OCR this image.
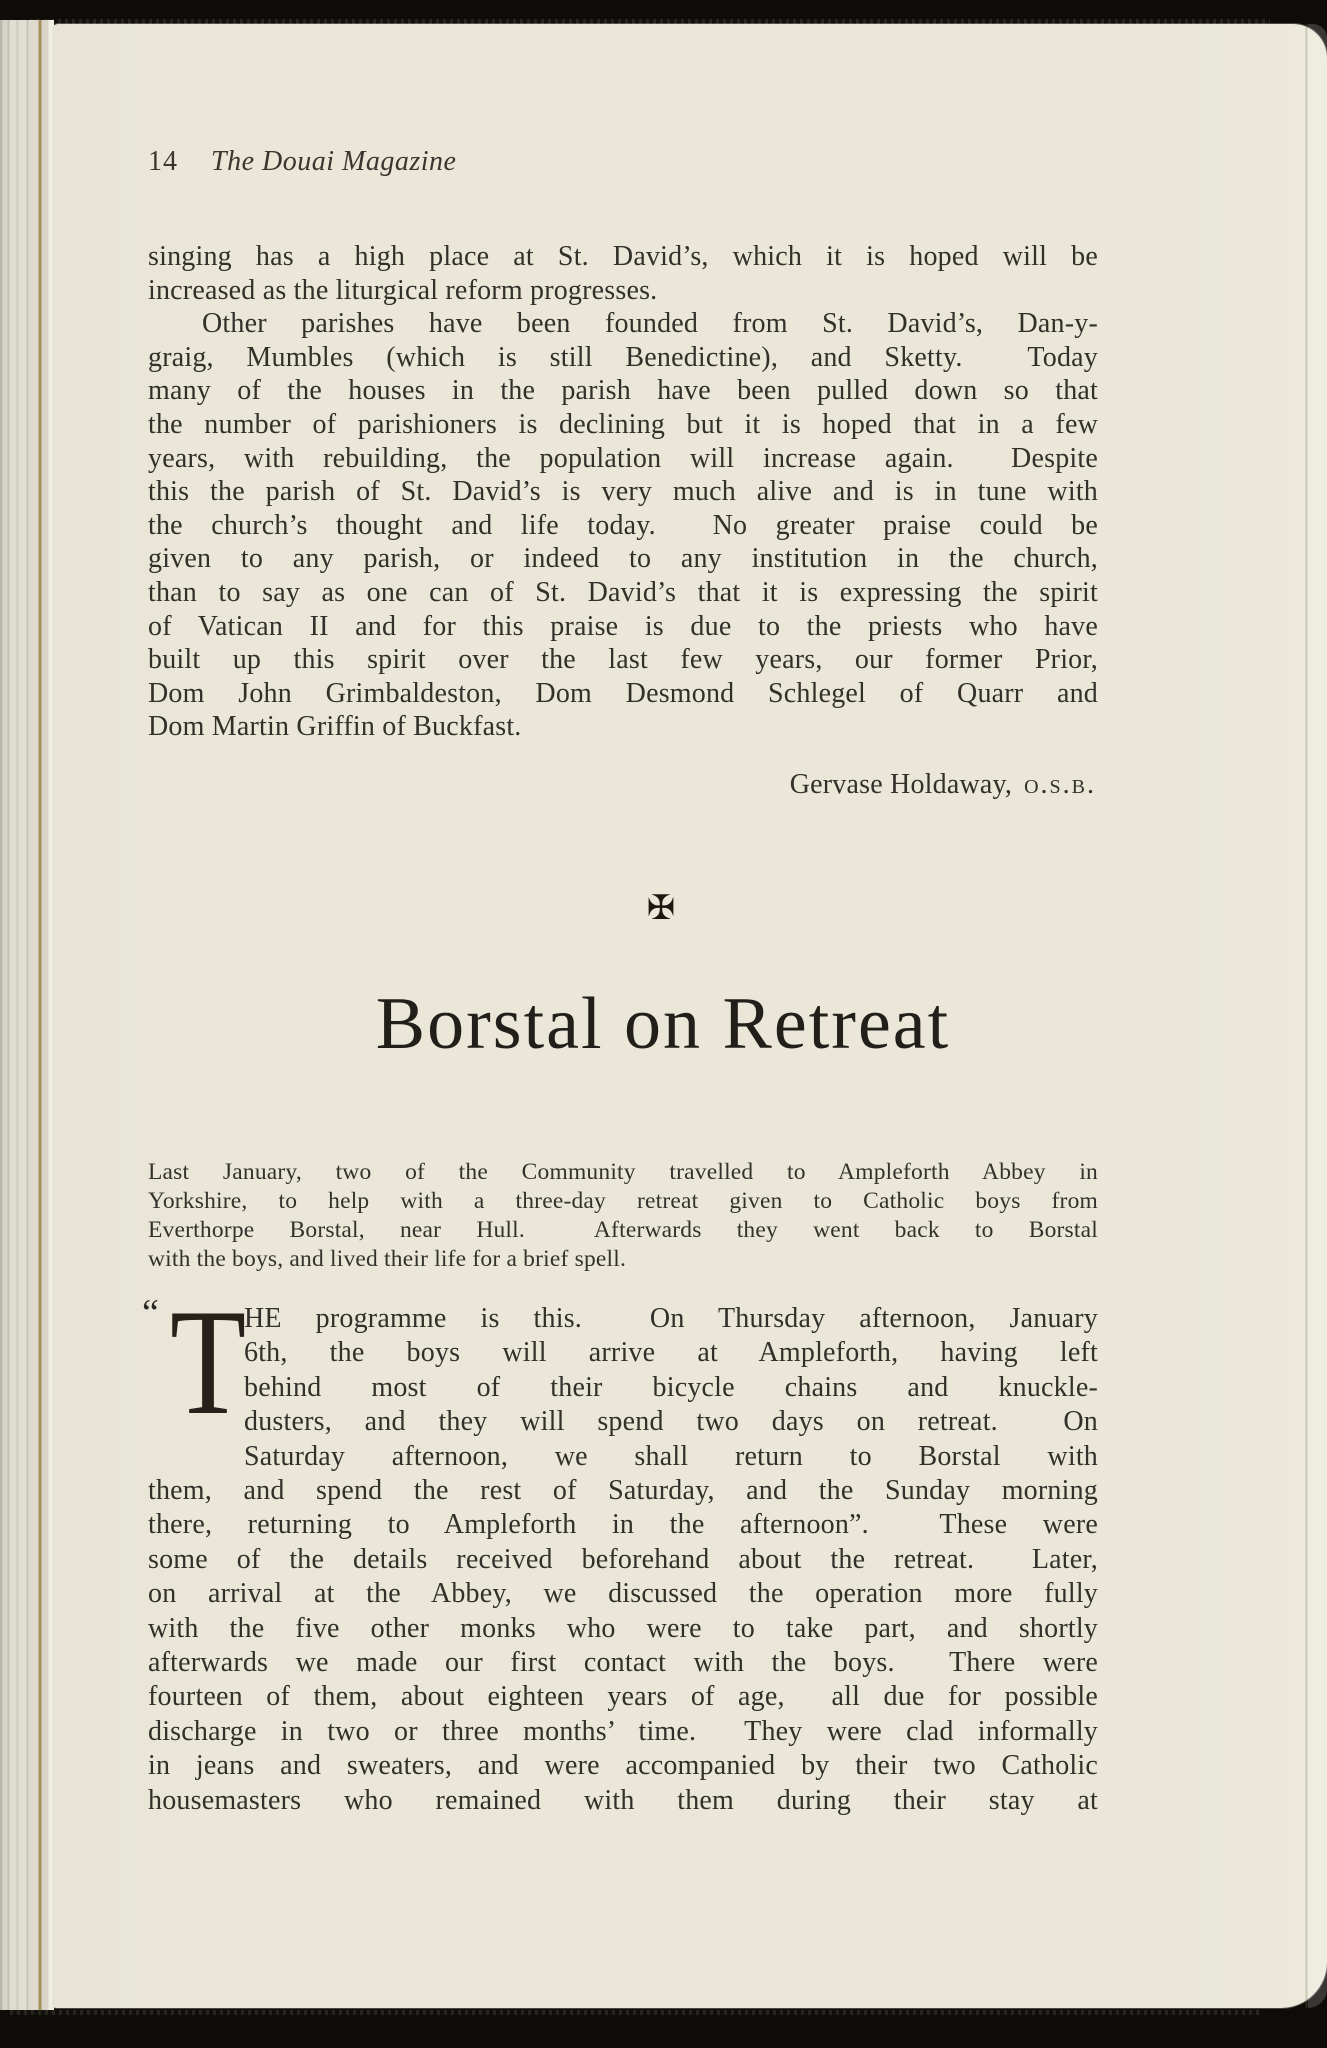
14 The Douai Magazine
singing has a high place at St. David’s, which it is hoped will be
increased as the liturgical reform progresses.
Other parishes have been founded from St. David’s, Dan-y-
graig, Mumbles (which is still Benedictine), and Sketty.  Today
many of the houses in the parish have been pulled down so that
the number of parishioners is declining but it is hoped that in a few
years, with rebuilding, the population will increase again.  Despite
this the parish of St. David’s is very much alive and is in tune with
the church’s thought and life today.  No greater praise could be
given to any parish, or indeed to any institution in the church,
than to say as one can of St. David’s that it is expressing the spirit
of Vatican II and for this praise is due to the priests who have
built up this spirit over the last few years, our former Prior,
Dom John Grimbaldeston, Dom Desmond Schlegel of Quarr and
Dom Martin Griffin of Buckfast.
Gervase Holdaway, o.s.b.
✠
Borstal on Retreat
Last January, two of the Community travelled to Ampleforth Abbey in
Yorkshire, to help with a three-day retreat given to Catholic boys from
Everthorpe Borstal, near Hull.  Afterwards they went back to Borstal
with the boys, and lived their life for a brief spell.
“ T
HE programme is this.  On Thursday afternoon, January
6th, the boys will arrive at Ampleforth, having left
behind most of their bicycle chains and knuckle-
dusters, and they will spend two days on retreat.  On
Saturday afternoon, we shall return to Borstal with
them, and spend the rest of Saturday, and the Sunday morning
there, returning to Ampleforth in the afternoon”.  These were
some of the details received beforehand about the retreat.  Later,
on arrival at the Abbey, we discussed the operation more fully
with the five other monks who were to take part, and shortly
afterwards we made our first contact with the boys.  There were
fourteen of them, about eighteen years of age,  all due for possible
discharge in two or three months’ time.  They were clad informally
in jeans and sweaters, and were accompanied by their two Catholic
housemasters who remained with them during their stay at
